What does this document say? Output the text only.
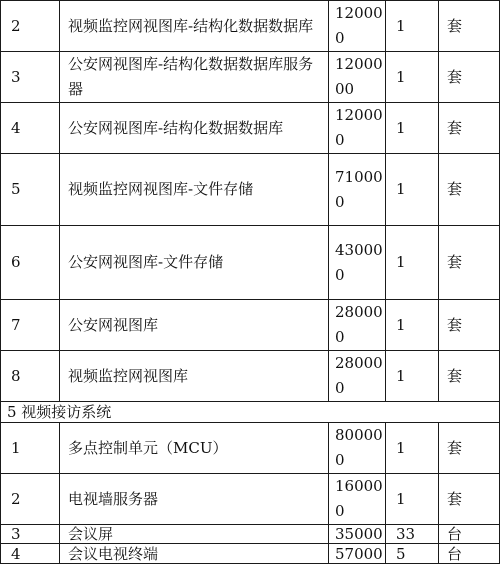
2	视频监控网视图库-结构化数据数据库	120000	1	套
3	公安网视图库-结构化数据数据库服务器	1200000	1	套
4	公安网视图库-结构化数据数据库	120000	1	套
5	视频监控网视图库-文件存储	710000	1	套
6	公安网视图库-文件存储	430000	1	套
7	公安网视图库	280000	1	套
8	视频监控网视图库	280000	1	套
5 视频接访系统				
1	多点控制单元（MCU）	800000	1	套
2	电视墙服务器	160000	1	套
3	会议屏	35000	33	台
4	会议电视终端	57000	5	台
